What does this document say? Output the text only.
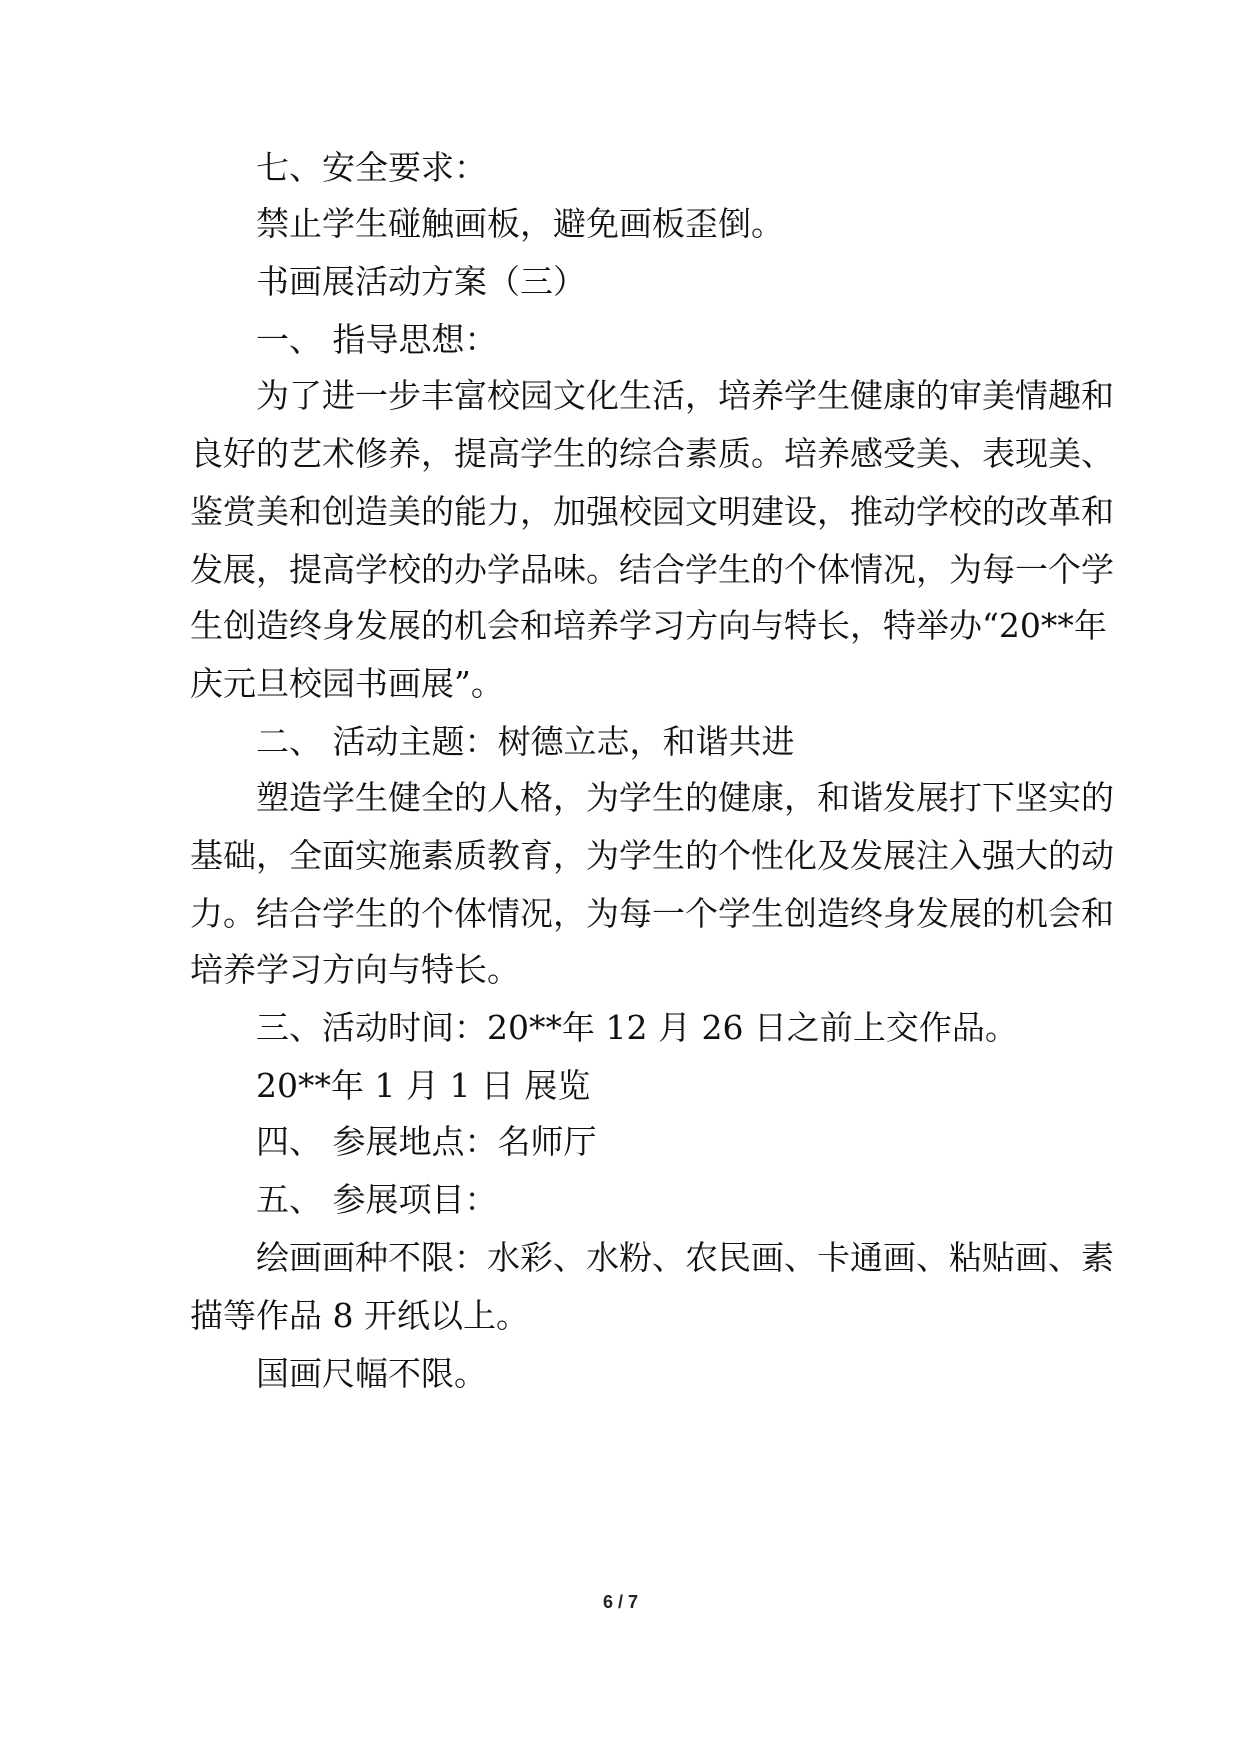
七、安全要求：
禁止学生碰触画板，避免画板歪倒。
书画展活动方案（三）
一、 指导思想：
为了进一步丰富校园文化生活，培养学生健康的审美情趣和
良好的艺术修养，提高学生的综合素质。培养感受美、表现美、
鉴赏美和创造美的能力，加强校园文明建设，推动学校的改革和
发展，提高学校的办学品味。结合学生的个体情况，为每一个学
生创造终身发展的机会和培养学习方向与特长，特举办“20**年
庆元旦校园书画展”。
二、 活动主题：树德立志，和谐共进
塑造学生健全的人格，为学生的健康，和谐发展打下坚实的
基础，全面实施素质教育，为学生的个性化及发展注入强大的动
力。结合学生的个体情况，为每一个学生创造终身发展的机会和
培养学习方向与特长。
三、活动时间：20**年 12 月 26 日之前上交作品。
20**年 1 月 1 日 展览
四、 参展地点：名师厅
五、 参展项目：
绘画画种不限：水彩、水粉、农民画、卡通画、粘贴画、素
描等作品 8 开纸以上。
国画尺幅不限。
6 / 7
